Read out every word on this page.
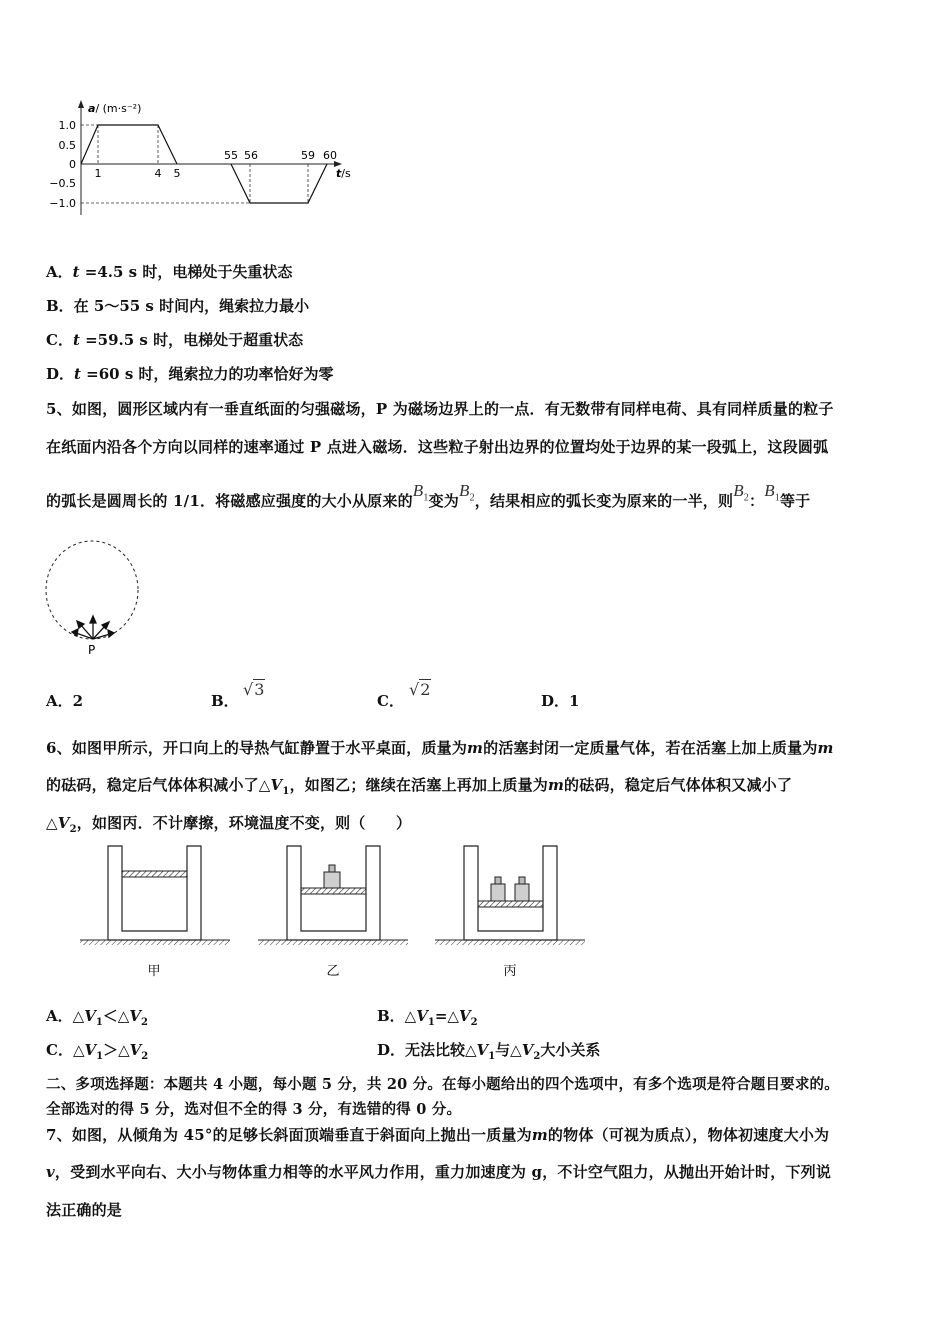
1.0
0.5
0
−0.5
−1.0
1	4 5
55 56	59 60
a/ (m·s⁻²)
t/s
A．t =4.5 s 时，电梯处于失重状态
B．在 5～55 s 时间内，绳索拉力最小
C．t =59.5 s 时，电梯处于超重状态
D．t =60 s 时，绳索拉力的功率恰好为零
5、如图，圆形区域内有一垂直纸面的匀强磁场，P 为磁场边界上的一点．有无数带有同样电荷、具有同样质量的粒子
在纸面内沿各个方向以同样的速率通过 P 点进入磁场．这些粒子射出边界的位置均处于边界的某一段弧上，这段圆弧
的弧长是圆周长的 1/1．将磁感应强度的大小从原来的$B_1$变为$B_2$，结果相应的弧长变为原来的一半，则$B_2$：$B_1$等于
P
A．2	B．
√3
C．
√2
D．1
6、如图甲所示，开口向上的导热气缸静置于水平桌面，质量为m的活塞封闭一定质量气体，若在活塞上加上质量为m
的砝码，稳定后气体体积减小了$\triangle V_1$，如图乙；继续在活塞上再加上质量为m的砝码，稳定后气体体积又减小了
$\triangle V_2$，如图丙．不计摩擦，环境温度不变，则（　　）
甲	乙	丙
A．$\triangle V_1<\triangle V_2$	B．$\triangle V_1=\triangle V_2$
C．$\triangle V_1>\triangle V_2$	D．无法比较$\triangle V_1$与$\triangle V_2$大小关系
二、多项选择题：本题共 4 小题，每小题 5 分，共 20 分。在每小题给出的四个选项中，有多个选项是符合题目要求的。
全部选对的得 5 分，选对但不全的得 3 分，有选错的得 0 分。
7、如图，从倾角为 45°的足够长斜面顶端垂直于斜面向上抛出一质量为m的物体（可视为质点），物体初速度大小为
v，受到水平向右、大小与物体重力相等的水平风力作用，重力加速度为 g，不计空气阻力，从抛出开始计时，下列说
法正确的是
